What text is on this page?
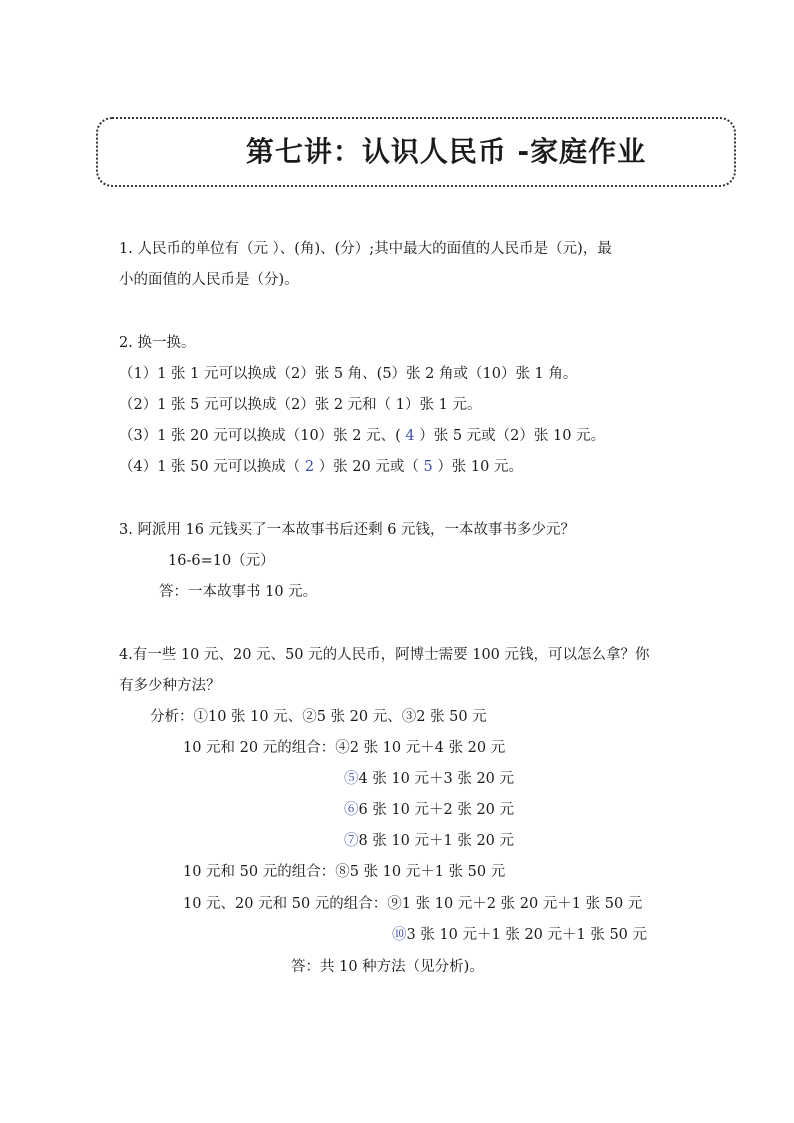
第七讲：认识人民币 -家庭作业
1. 人民币的单位有（元 ）、(角)、(分）;其中最大的面值的人民币是（元)，最
小的面值的人民币是（分)。
2. 换一换。
（1）1 张 1 元可以换成（2）张 5 角、(5）张 2 角或（10）张 1 角。
（2）1 张 5 元可以换成（2）张 2 元和（ 1）张 1 元。
（3）1 张 20 元可以换成（10）张 2 元、( 4 ）张 5 元或（2）张 10 元。
（4）1 张 50 元可以换成（ 2 ）张 20 元或（ 5 ）张 10 元。
3. 阿派用 16 元钱买了一本故事书后还剩 6 元钱，一本故事书多少元？
16-6=10（元）
答：一本故事书 10 元。
4.有一些 10 元、20 元、50 元的人民币，阿博士需要 100 元钱，可以怎么拿？你
有多少种方法？
分析：①10 张 10 元、②5 张 20 元、③2 张 50 元
10 元和 20 元的组合：④2 张 10 元＋4 张 20 元
⑤4 张 10 元＋3 张 20 元
⑥6 张 10 元＋2 张 20 元
⑦8 张 10 元＋1 张 20 元
10 元和 50 元的组合：⑧5 张 10 元＋1 张 50 元
10 元、20 元和 50 元的组合：⑨1 张 10 元＋2 张 20 元＋1 张 50 元
⑩3 张 10 元＋1 张 20 元＋1 张 50 元
答：共 10 种方法（见分析)。
